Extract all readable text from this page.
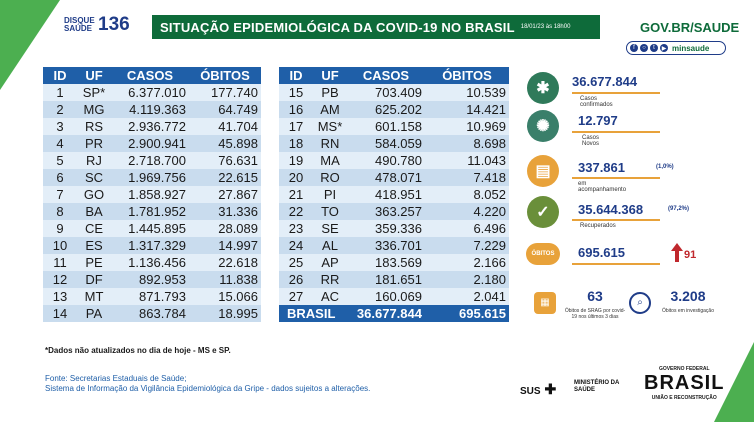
DISQUE SAÚDE 136 SITUAÇÃO EPIDEMIOLÓGICA DA COVID-19 NO BRASIL 18/01/23 às 18h00	GOV.BR/SAUDE
f	○	t	▶ minsaude
ID	UF	CASOS	ÓBITOS
1	SP*	6.377.010	177.740
2	MG	4.119.363	64.749
3	RS	2.936.772	41.704
4	PR	2.900.941	45.898
5	RJ	2.718.700	76.631
6	SC	1.969.756	22.615
7	GO	1.858.927	27.867
8	BA	1.781.952	31.336
9	CE	1.445.895	28.089
10	ES	1.317.329	14.997
11	PE	1.136.456	22.618
12	DF	892.953	11.838
13	MT	871.793	15.066
14	PA	863.784	18.995
ID	UF	CASOS	ÓBITOS
15	PB	703.409	10.539
16	AM	625.202	14.421
17	MS*	601.158	10.969
18	RN	584.059	8.698
19	MA	490.780	11.043
20	RO	478.071	7.418
21	PI	418.951	8.052
22	TO	363.257	4.220
23	SE	359.336	6.496
24	AL	336.701	7.229
25	AP	183.569	2.166
26	RR	181.651	2.180
27	AC	160.069	2.041
BRASIL		36.677.844	695.615
*Dados não atualizados no dia de hoje - MS e SP.
Fonte: Secretarias Estaduais de Saúde;
Sistema de Informação da Vigilância Epidemiológica da Gripe - dados sujeitos a alterações.
✱	36.677.844
Casos confirmados
✺	12.797
Casos Novos
▤	337.861	(1,0%)
em acompanhamento
✓	35.644.368	(97,2%)
Recuperados
ÓBITOS	695.615	91
▦	63
Óbitos de SRAG por covid-19 nos últimos 3 dias
⌕	3.208
Óbitos em investigação
SUS ✚	MINISTÉRIO DA SAÚDE
GOVERNO FEDERAL
BRASIL
UNIÃO E RECONSTRUÇÃO
